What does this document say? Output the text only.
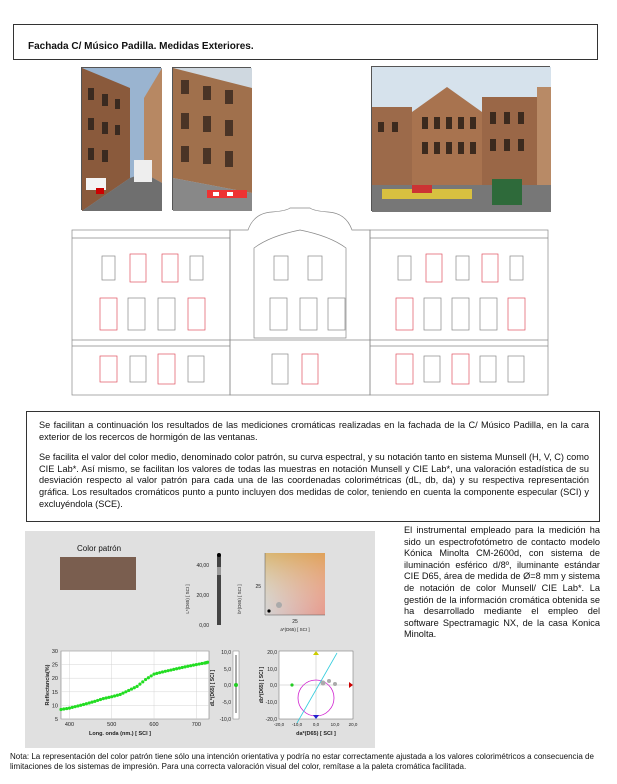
Fachada C/ Músico Padilla. Medidas Exteriores.

Se facilitan a continuación los resultados de las mediciones cromáticas realizadas en la fachada de la C/ Músico Padilla, en la cara exterior de los recercos de hormigón de las ventanas.

Se facilita el valor del color medio, denominado color patrón, su curva espectral, y su notación tanto en sistema Munsell (H, V, C) como CIE Lab*. Así mismo, se facilitan los valores de todas las muestras en notación Munsell y CIE Lab*, una valoración estadística de su desviación respecto al valor patrón para cada una de las coordenadas colorimétricas (dL, db, da) y su respectiva representación gráfica. Los resultados cromáticos punto a punto incluyen dos medidas de color, teniendo en cuenta la componente especular (SCI) y excluyéndola (SCE).

El instrumental empleado para la medición ha sido un espectrofotómetro de contacto modelo Kónica Minolta CM-2600d, con sistema de iluminación esférico d/8º, iluminante estándar CIE D65, área de medida de Ø=8 mm y sistema de notación de color Munsell/ CIE Lab*. La gestión de la información cromática obtenida se ha desarrollado mediante el empleo del software Spectramagic NX, de la casa Konica Minolta.
Color patrón
L*(D65) [ SCI ]	b*(D65) [ SCI ]
40,00
20,00
0,00
25
25
a*(D65) [ SCI ]
5
10
15
20
25
30
400	500	600	700
Reflectancia(%)
Long. onda (nm.) [ SCI ]
10,0
5,0
0,0
-5,0
-10,0
dL*(D65) [ SCI ]
20,0
10,0
0,0
-10,0
-20,0
-20,0 -10,0 0,0	10,0 20,0
da*(D65) [ SCI ]
db*(D65) [ SCI ]
Nota: La representación del color patrón tiene sólo una intención orientativa y podría no estar correctamente ajustada a los valores colorimétricos a consecuencia de limitaciones de los sistemas de impresión. Para una correcta valoración visual del color, remítase a la paleta cromática facilitada.
